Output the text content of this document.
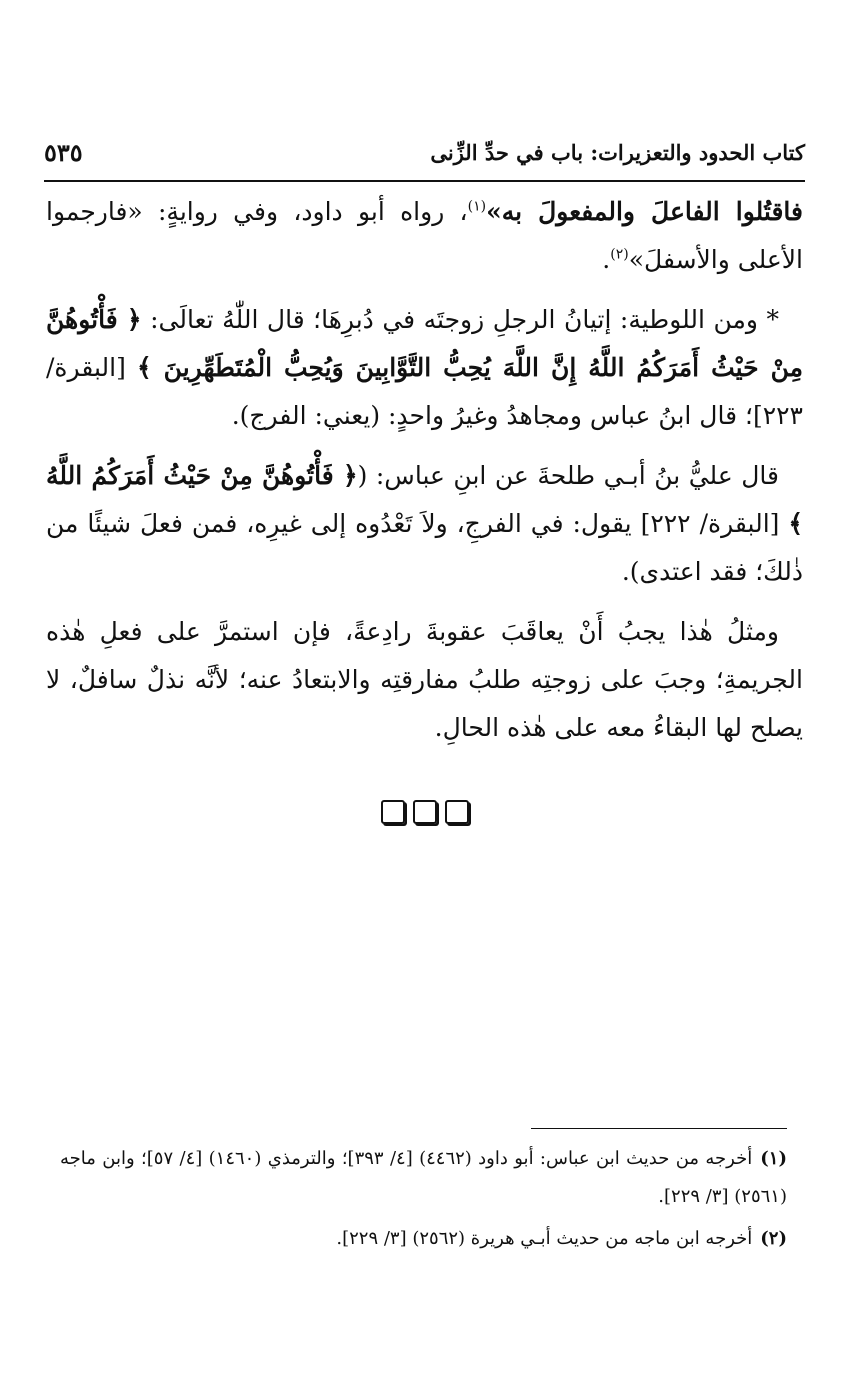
كتاب الحدود والتعزيرات: باب في حدِّ الزِّنى
٥٣٥

فاقتُلوا الفاعلَ والمفعولَ به»$^{(١)}$، رواه أبو داود، وفي روايةٍ: «فارجموا الأعلى والأسفلَ»$^{(٢)}$.

* ومن اللوطية: إتيانُ الرجلِ زوجتَه في دُبرِهَا؛ قال اللّٰهُ تعالَى: ﴿ فَأْتُوهُنَّ مِنْ حَيْثُ أَمَرَكُمُ اللَّهُ إِنَّ اللَّهَ يُحِبُّ التَّوَّابِينَ وَيُحِبُّ الْمُتَطَهِّرِينَ ﴾ [البقرة/ ٢٢٣]؛ قال ابنُ عباس ومجاهدُ وغيرُ واحدٍ: (يعني: الفرج).

قال عليُّ بنُ أبـي طلحةَ عن ابنِ عباس: (﴿ فَأْتُوهُنَّ مِنْ حَيْثُ أَمَرَكُمُ اللَّهُ ﴾ [البقرة/ ٢٢٢] يقول: في الفرجِ، ولاَ تَعْدُوه إلى غيرِه، فمن فعلَ شيئًا من ذٰلكَ؛ فقد اعتدى).

ومثلُ هٰذا يجبُ أَنْ يعاقَبَ عقوبةَ رادِعةً، فإن استمرَّ على فعلِ هٰذه الجريمةِ؛ وجبَ على زوجتِه طلبُ مفارقتِه والابتعادُ عنه؛ لأنَّه نذلٌ سافلٌ، لا يصلح لها البقاءُ معه على هٰذه الحالِ.

(١)أخرجه من حديث ابن عباس: أبو داود (٤٤٦٢) [٤/ ٣٩٣]؛ والترمذي (١٤٦٠) [٤/ ٥٧]؛ وابن ماجه (٢٥٦١) [٣/ ٢٢٩].

(٢)أخرجه ابن ماجه من حديث أبـي هريرة (٢٥٦٢) [٣/ ٢٢٩].
